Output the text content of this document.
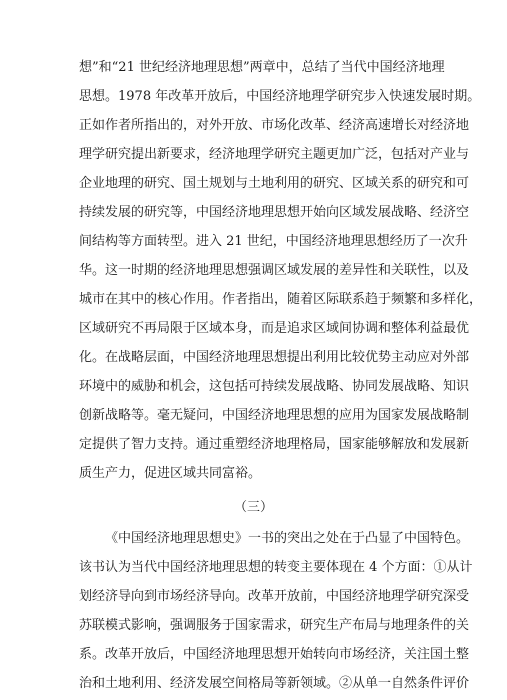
想”和“21 世纪经济地理思想”两章中，总结了当代中国经济地理
思想。1978 年改革开放后，中国经济地理学研究步入快速发展时期。
正如作者所指出的，对外开放、市场化改革、经济高速增长对经济地
理学研究提出新要求，经济地理学研究主题更加广泛，包括对产业与
企业地理的研究、国土规划与土地利用的研究、区域关系的研究和可
持续发展的研究等，中国经济地理思想开始向区域发展战略、经济空
间结构等方面转型。进入 21 世纪，中国经济地理思想经历了一次升
华。这一时期的经济地理思想强调区域发展的差异性和关联性，以及
城市在其中的核心作用。作者指出，随着区际联系趋于频繁和多样化，
区域研究不再局限于区域本身，而是追求区域间协调和整体利益最优
化。在战略层面，中国经济地理思想提出利用比较优势主动应对外部
环境中的威胁和机会，这包括可持续发展战略、协同发展战略、知识
创新战略等。毫无疑问，中国经济地理思想的应用为国家发展战略制
定提供了智力支持。通过重塑经济地理格局，国家能够解放和发展新
质生产力，促进区域共同富裕。
（三）
《中国经济地理思想史》一书的突出之处在于凸显了中国特色。
该书认为当代中国经济地理思想的转变主要体现在 4 个方面：①从计
划经济导向到市场经济导向。改革开放前，中国经济地理学研究深受
苏联模式影响，强调服务于国家需求，研究生产布局与地理条件的关
系。改革开放后，中国经济地理思想开始转向市场经济，关注国土整
治和土地利用、经济发展空间格局等新领域。②从单一自然条件评价
